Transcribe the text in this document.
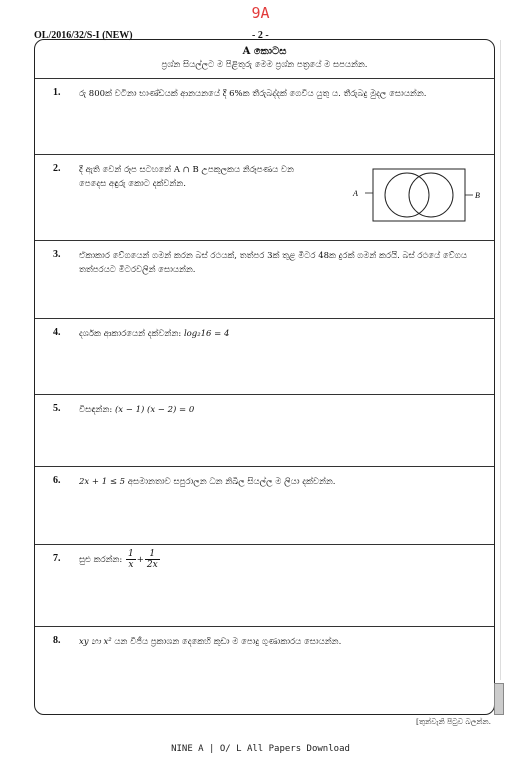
9A
OL/2016/32/S-I (NEW)	- 2 -
A කොටස
ප්‍රශ්න සියල්ලට ම පිළිතුරු මෙම ප්‍රශ්න පත්‍රයේ ම සපයන්න.
1. රු 800ක් වටිනා භාණ්ඩයක් ආනයනයේ දී 6%ක තීරුබද්දක් ගෙවිය යුතු ය. තීරුබදු මුදල සොයන්න.
2. දී ඇති වෙන් රූප සටහනේ A ∩ B උපකුලකය නිරූපණය වන පෙදෙස අඳුරු කොට දක්වන්න.
A	B
3. ඒකාකාර වේගයෙන් ගමන් කරන බස් රථයක්, තත්පර 3ක් තුළ මීටර 48ක දුරක් ගමන් කරයි. බස් රථයේ වේගය තත්පරයට මීටරවලින් සොයන්න.
4. දර්ශක ආකාරයෙන් දක්වන්න: log₂16 = 4
5. විසඳන්න: (x − 1) (x − 2) = 0
6. 2x + 1 ≤ 5 අසමානතාව සපුරාලන ධන නිඛිල සියල්ල ම ලියා දක්වන්න.
7. සුළු කරන්න: $\frac{1}{x} + \frac{1}{2x}$
8. xy හා x² යන වීජීය ප්‍රකාශන දෙකෙහි කුඩා ම පොදු ගුණාකාරය සොයන්න.
[තුන්වැනි පිටුව බලන්න.
NINE A | O/ L All Papers Download
